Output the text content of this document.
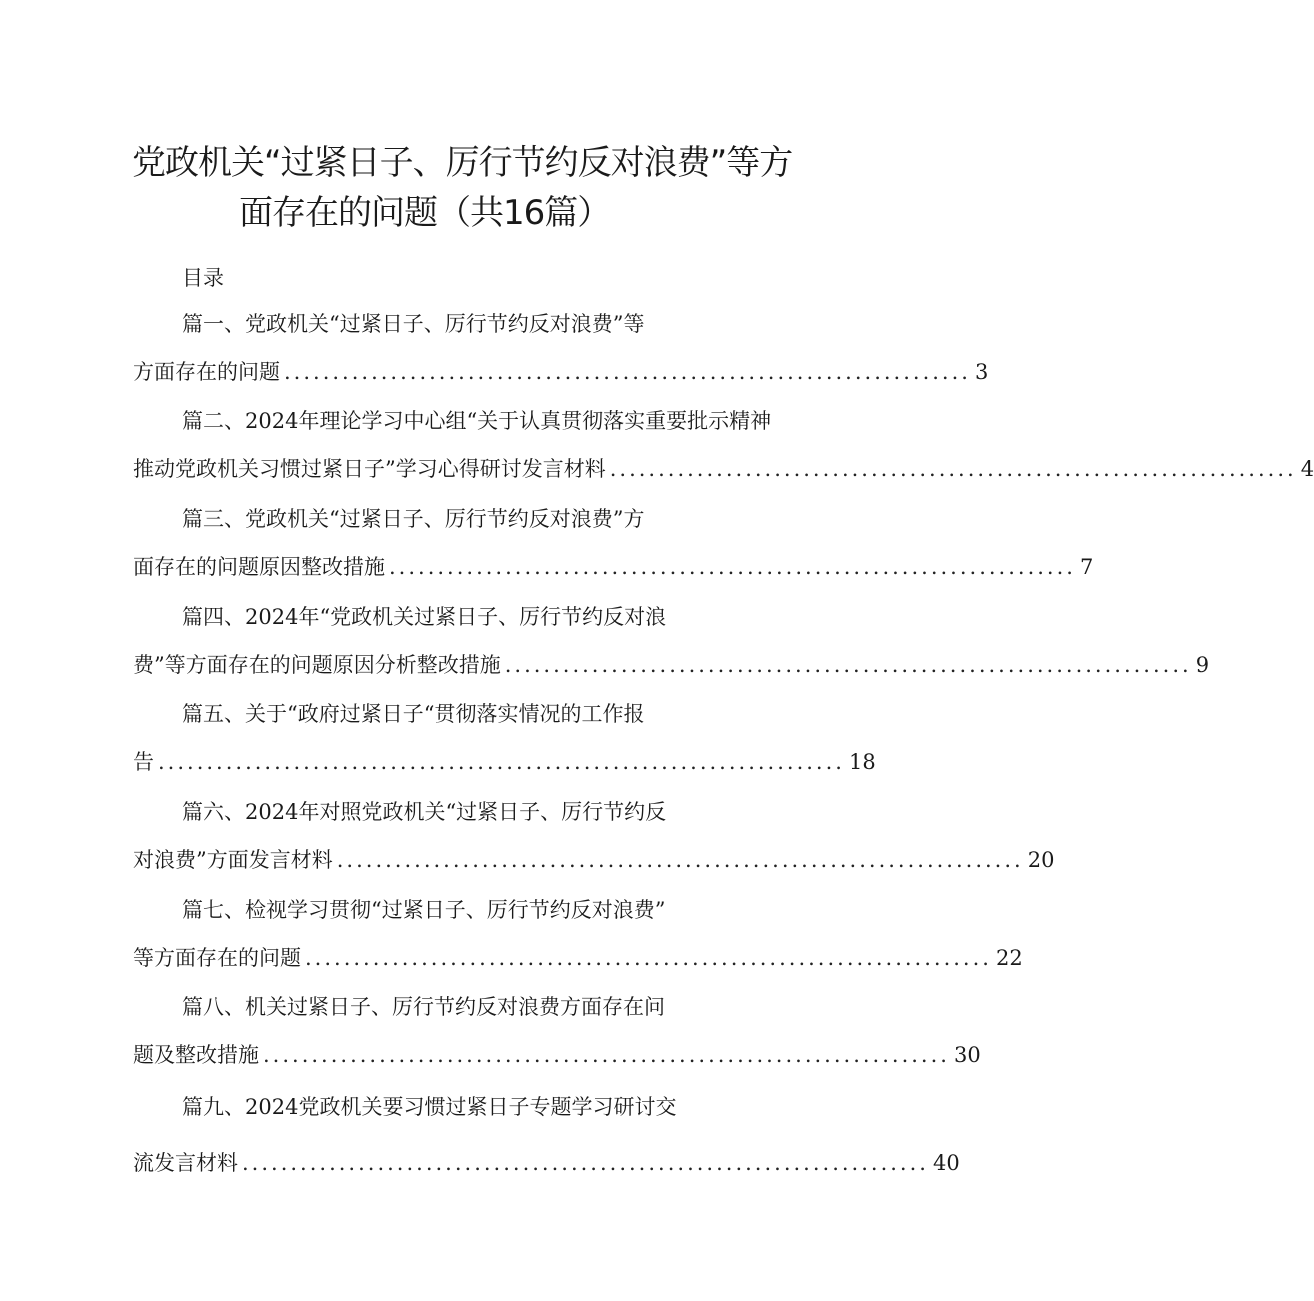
党政机关“过紧日子、厉行节约反对浪费”等方
面存在的问题（共16篇）
目录
篇一、党政机关“过紧日子、厉行节约反对浪费”等
方面存在的问题 ....................................................................... 3
篇二、2024年理论学习中心组“关于认真贯彻落实重要批示精神
推动党政机关习惯过紧日子”学习心得研讨发言材料 ....................................................................... 4
篇三、党政机关“过紧日子、厉行节约反对浪费”方
面存在的问题原因整改措施 ....................................................................... 7
篇四、2024年“党政机关过紧日子、厉行节约反对浪
费”等方面存在的问题原因分析整改措施 ....................................................................... 9
篇五、关于“政府过紧日子“贯彻落实情况的工作报
告 ....................................................................... 18
篇六、2024年对照党政机关“过紧日子、厉行节约反
对浪费”方面发言材料 ....................................................................... 20
篇七、检视学习贯彻“过紧日子、厉行节约反对浪费”
等方面存在的问题 ....................................................................... 22
篇八、机关过紧日子、厉行节约反对浪费方面存在问
题及整改措施 ....................................................................... 30
篇九、2024党政机关要习惯过紧日子专题学习研讨交
流发言材料 ....................................................................... 40
